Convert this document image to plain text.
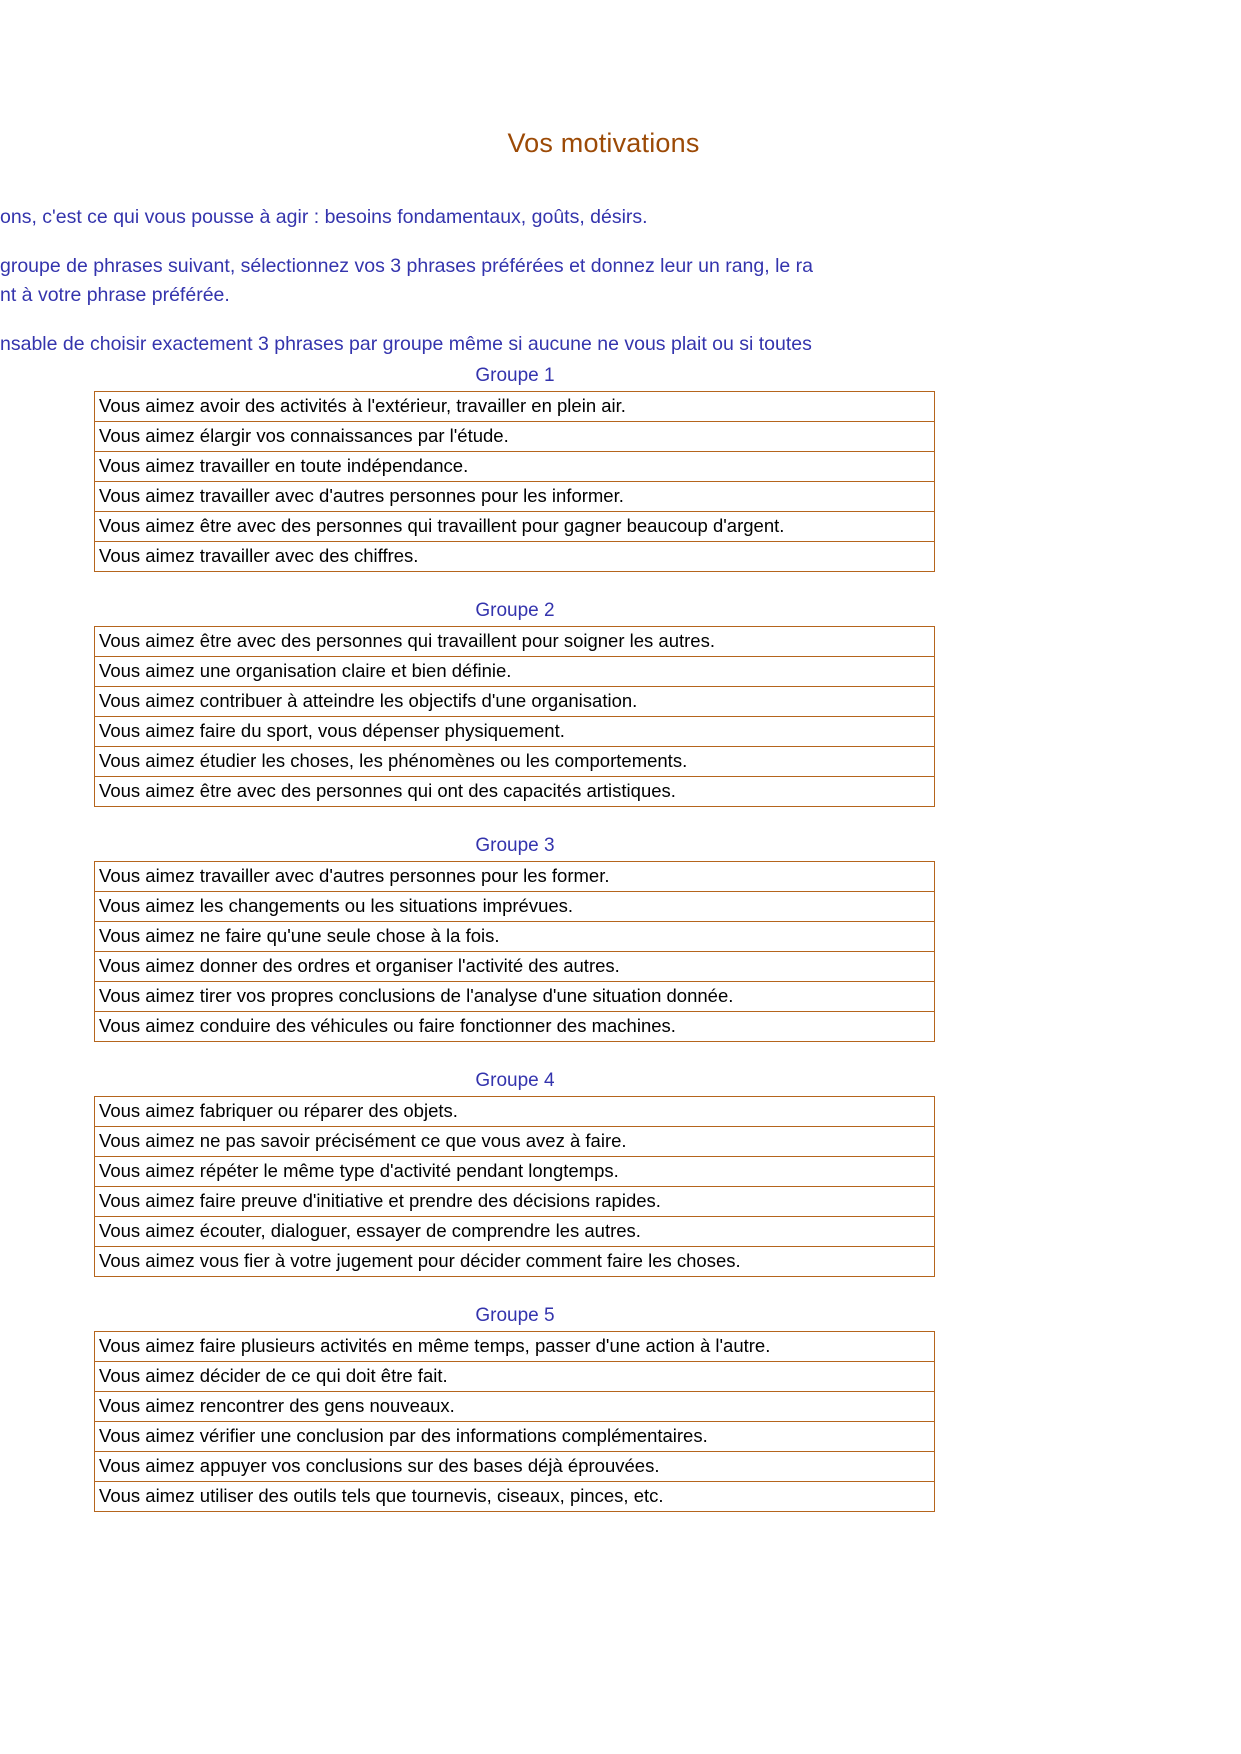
Vos motivations

ons, c'est ce qui vous pousse à agir : besoins fondamentaux, goûts, désirs.

groupe de phrases suivant, sélectionnez vos 3 phrases préférées et donnez leur un rang, le ra

nt à votre phrase préférée.

nsable de choisir exactement 3 phrases par groupe même si aucune ne vous plait ou si toutes

Groupe 1
Vous aimez avoir des activités à l'extérieur, travailler en plein air.
Vous aimez élargir vos connaissances par l'étude.
Vous aimez travailler en toute indépendance.
Vous aimez travailler avec d'autres personnes pour les informer.
Vous aimez être avec des personnes qui travaillent pour gagner beaucoup d'argent.
Vous aimez travailler avec des chiffres.
Groupe 2
Vous aimez être avec des personnes qui travaillent pour soigner les autres.
Vous aimez une organisation claire et bien définie.
Vous aimez contribuer à atteindre les objectifs d'une organisation.
Vous aimez faire du sport, vous dépenser physiquement.
Vous aimez étudier les choses, les phénomènes ou les comportements.
Vous aimez être avec des personnes qui ont des capacités artistiques.
Groupe 3
Vous aimez travailler avec d'autres personnes pour les former.
Vous aimez les changements ou les situations imprévues.
Vous aimez ne faire qu'une seule chose à la fois.
Vous aimez donner des ordres et organiser l'activité des autres.
Vous aimez tirer vos propres conclusions de l'analyse d'une situation donnée.
Vous aimez conduire des véhicules ou faire fonctionner des machines.
Groupe 4
Vous aimez fabriquer ou réparer des objets.
Vous aimez ne pas savoir précisément ce que vous avez à faire.
Vous aimez répéter le même type d'activité pendant longtemps.
Vous aimez faire preuve d'initiative et prendre des décisions rapides.
Vous aimez écouter, dialoguer, essayer de comprendre les autres.
Vous aimez vous fier à votre jugement pour décider comment faire les choses.
Groupe 5
Vous aimez faire plusieurs activités en même temps, passer d'une action à l'autre.
Vous aimez décider de ce qui doit être fait.
Vous aimez rencontrer des gens nouveaux.
Vous aimez vérifier une conclusion par des informations complémentaires.
Vous aimez appuyer vos conclusions sur des bases déjà éprouvées.
Vous aimez utiliser des outils tels que tournevis, ciseaux, pinces, etc.
